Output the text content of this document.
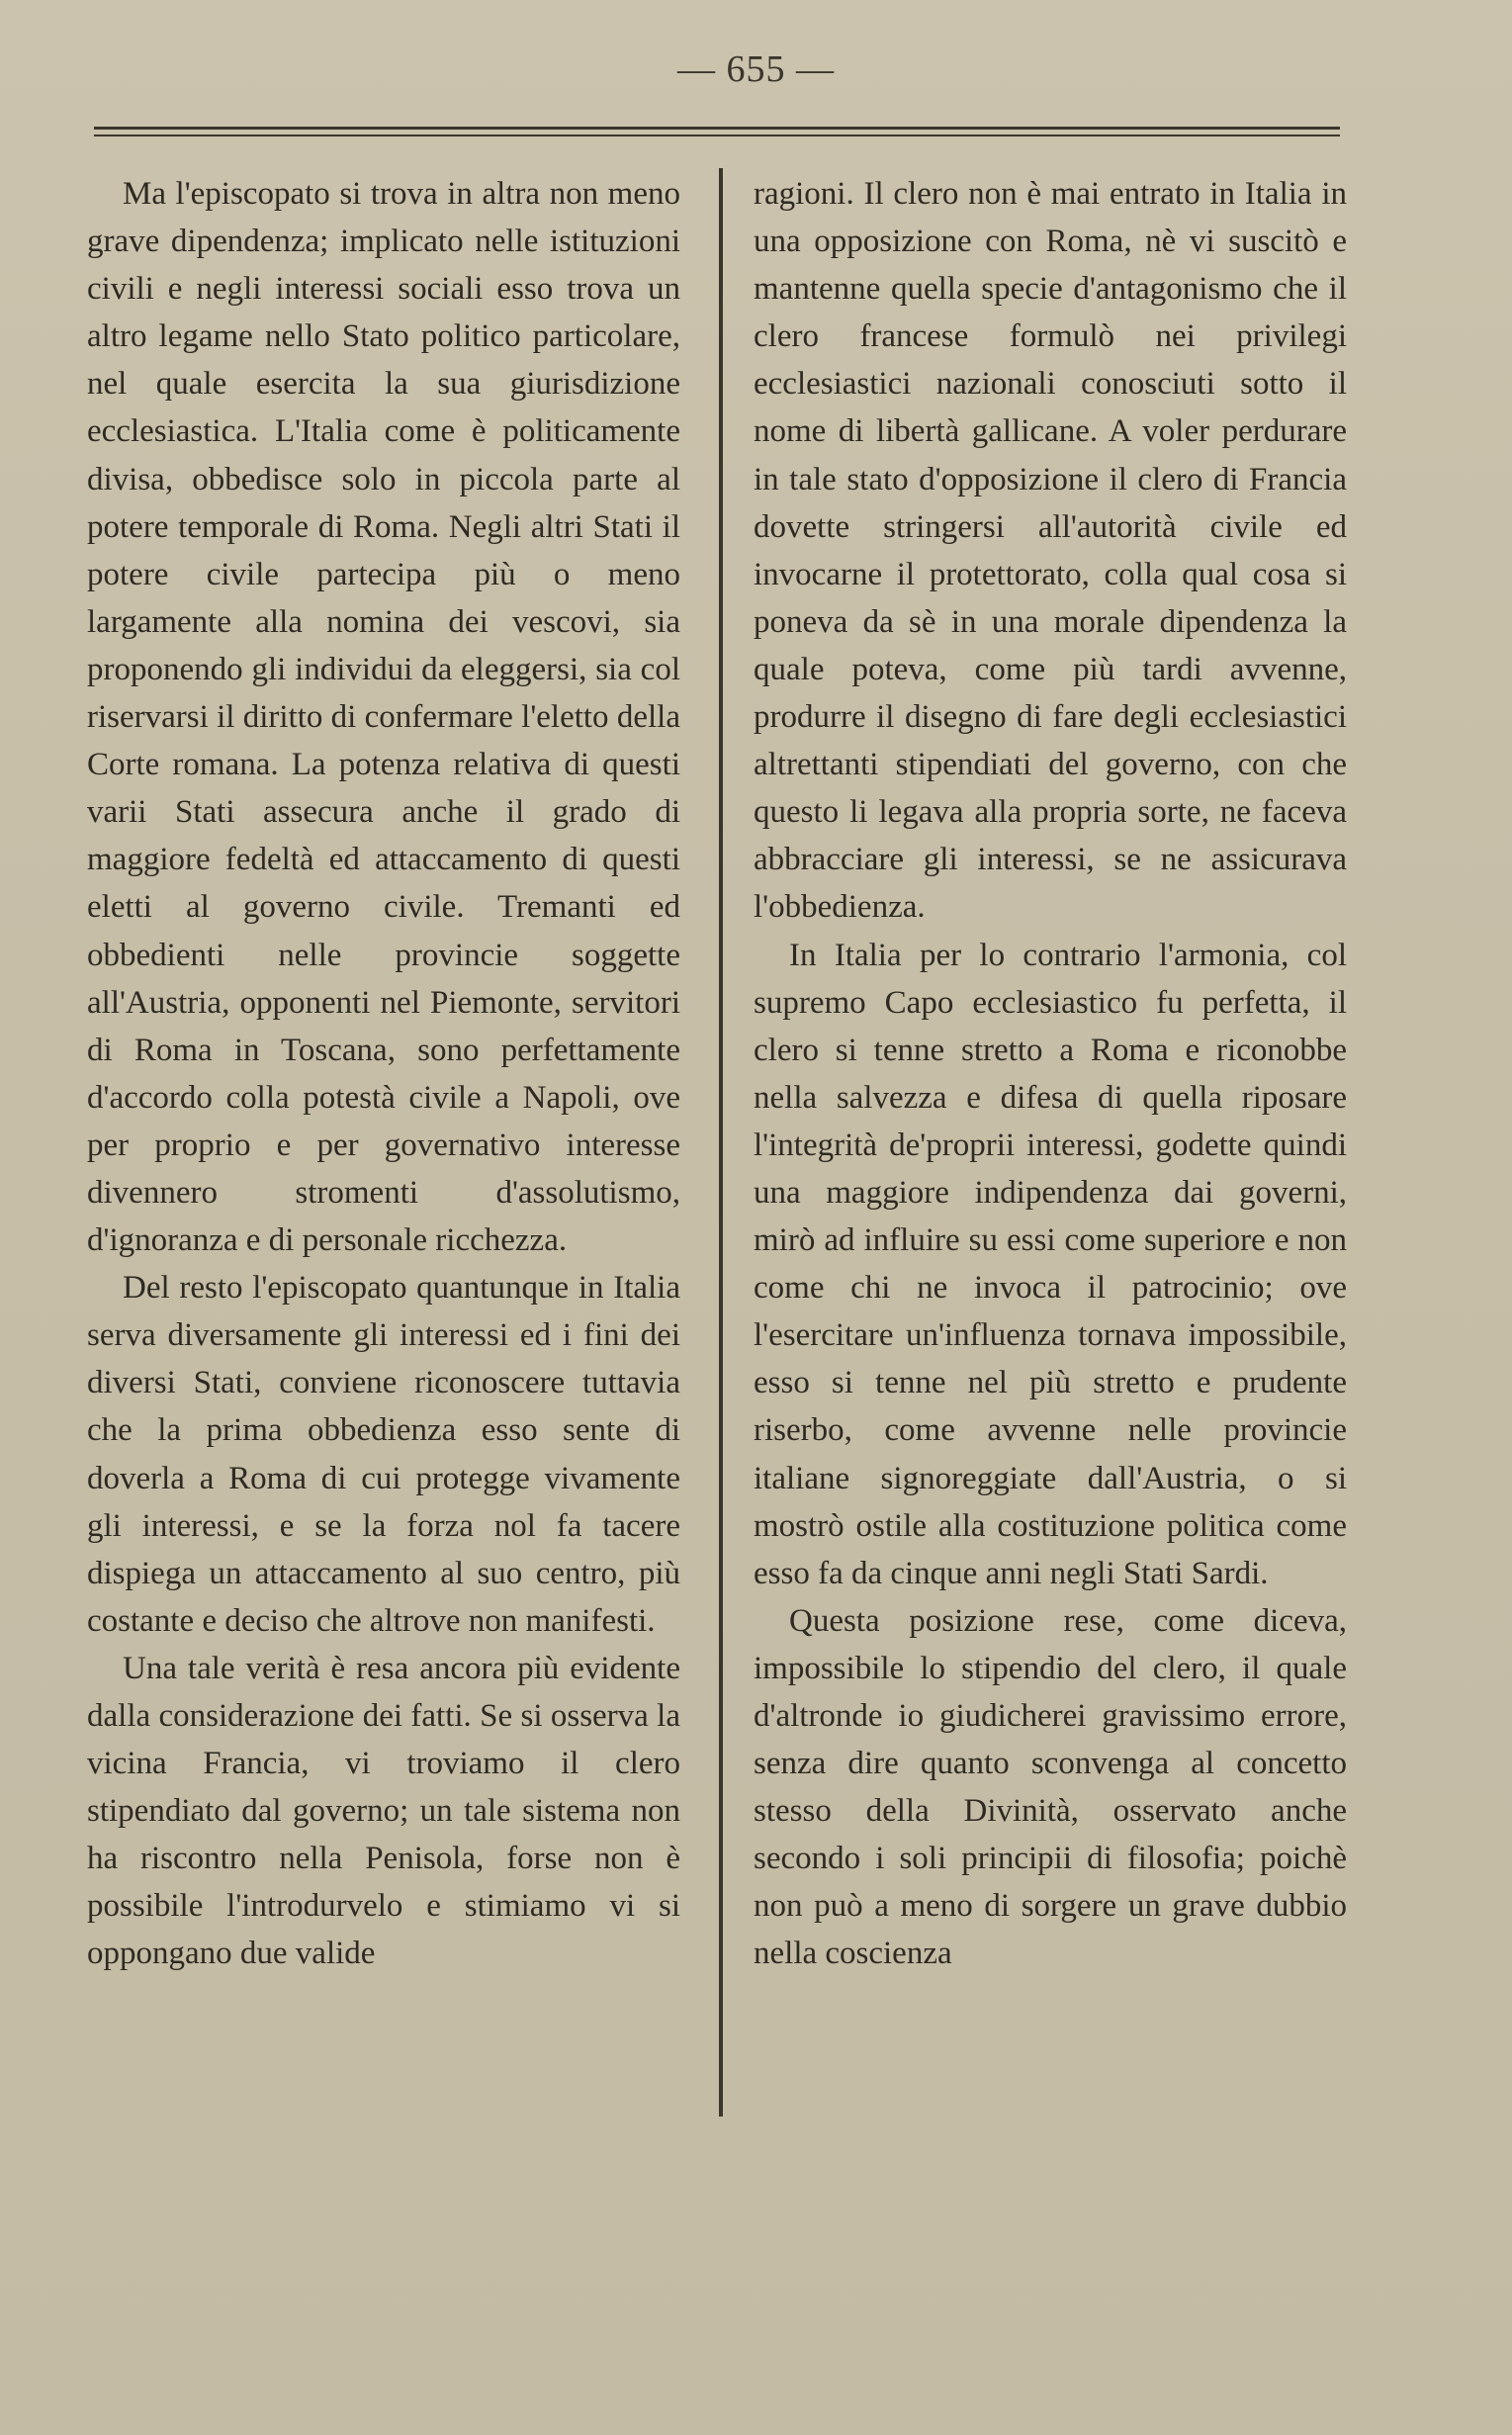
— 655 —

Ma l'episcopato si trova in altra non meno grave dipendenza; implicato nelle istituzioni civili e negli interessi sociali esso trova un altro legame nello Stato politico particolare, nel quale esercita la sua giurisdizione ecclesiastica. L'Italia come è politicamente divisa, obbedisce solo in piccola parte al potere temporale di Roma. Negli altri Stati il potere civile partecipa più o meno largamente alla nomina dei vescovi, sia proponendo gli individui da eleggersi, sia col riservarsi il diritto di confermare l'eletto della Corte romana. La potenza relativa di questi varii Stati assecura anche il grado di maggiore fedeltà ed attaccamento di questi eletti al governo civile. Tremanti ed obbedienti nelle provincie soggette all'Austria, opponenti nel Piemonte, servitori di Roma in Toscana, sono perfettamente d'accordo colla potestà civile a Napoli, ove per proprio e per governativo interesse divennero stromenti d'assolutismo, d'ignoranza e di personale ricchezza.

Del resto l'episcopato quantunque in Italia serva diversamente gli interessi ed i fini dei diversi Stati, conviene riconoscere tuttavia che la prima obbedienza esso sente di doverla a Roma di cui protegge vivamente gli interessi, e se la forza nol fa tacere dispiega un attaccamento al suo centro, più costante e deciso che altrove non manifesti.

Una tale verità è resa ancora più evidente dalla considerazione dei fatti. Se si osserva la vicina Francia, vi troviamo il clero stipendiato dal governo; un tale sistema non ha riscontro nella Penisola, forse non è possibile l'introdurvelo e stimiamo vi si oppongano due valide

ragioni. Il clero non è mai entrato in Italia in una opposizione con Roma, nè vi suscitò e mantenne quella specie d'antagonismo che il clero francese formulò nei privilegi ecclesiastici nazionali conosciuti sotto il nome di libertà gallicane. A voler perdurare in tale stato d'opposizione il clero di Francia dovette stringersi all'autorità civile ed invocarne il protettorato, colla qual cosa si poneva da sè in una morale dipendenza la quale poteva, come più tardi avvenne, produrre il disegno di fare degli ecclesiastici altrettanti stipendiati del governo, con che questo li legava alla propria sorte, ne faceva abbracciare gli interessi, se ne assicurava l'obbedienza.

In Italia per lo contrario l'armonia, col supremo Capo ecclesiastico fu perfetta, il clero si tenne stretto a Roma e riconobbe nella salvezza e difesa di quella riposare l'integrità de'proprii interessi, godette quindi una maggiore indipendenza dai governi, mirò ad influire su essi come superiore e non come chi ne invoca il patrocinio; ove l'esercitare un'influenza tornava impossibile, esso si tenne nel più stretto e prudente riserbo, come avvenne nelle provincie italiane signoreggiate dall'Austria, o si mostrò ostile alla costituzione politica come esso fa da cinque anni negli Stati Sardi.

Questa posizione rese, come diceva, impossibile lo stipendio del clero, il quale d'altronde io giudicherei gravissimo errore, senza dire quanto sconvenga al concetto stesso della Divinità, osservato anche secondo i soli principii di filosofia; poichè non può a meno di sorgere un grave dubbio nella coscienza
